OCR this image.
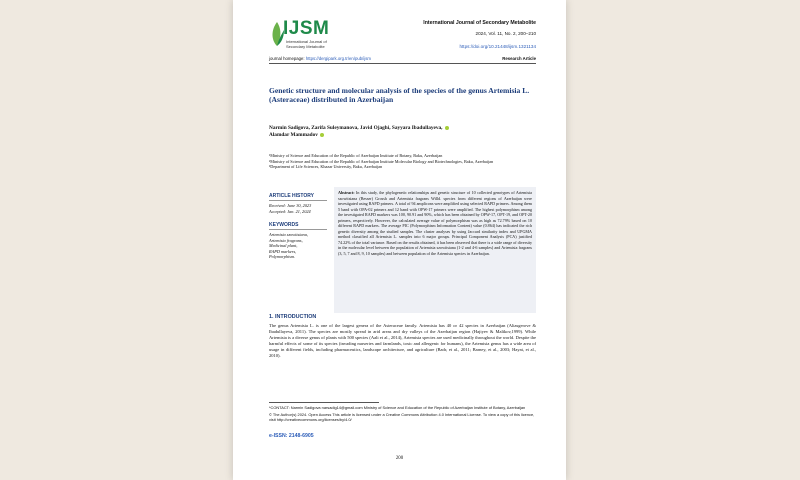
IJSM
International Journal of Secondary Metabolite
International Journal of Secondary Metabolite
2024, Vol. 11, No. 2, 200–210
https://doi.org/10.21448/ijsm.1321134
journal homepage: https://dergipark.org.tr/en/pub/ijsm	Research Article
Genetic structure and molecular analysis of the species of the genus Artemisia L. (Asteraceae) distributed in Azerbaijan
Narmin Sadigova, Zarifa Suleymanova, Javid Ojaghi, Sayyara Ibadullayeva,
Alamdar Mammadov

¹Ministry of Science and Education of the Republic of Azerbaijan Institute of Botany, Baku, Azerbaijan

²Ministry of Science and Education of the Republic of Azerbaijan Institute Molecular Biology and Biotechnologies, Baku, Azerbaijan

³Department of Life Sciences, Khazar University, Baku, Azerbaijan

ARTICLE HISTORY
Received: June 30, 2023
Accepted: Jan. 21, 2024
KEYWORDS
Artemisia szowitsiana,
Artemisia fragrans,
Medicinal plant,
RAPD markers,
Polymorphism.
Abstract: In this study, the phylogenetic relationships and genetic structure of 10 collected genotypes of Artemisia szowitsiana (Besser) Grossh and Artemisia fragrans Willd. species from different regions of Azerbaijan were investigated using RAPD primers. A total of 94 amplicons were amplified using selected RAPD primers. Among them 5 band with OPA-02 primers and 12 band with OPW-17 primers were amplified. The highest polymorphism among the investigated RAPD markers was 100, 90.91 and 90%, which has been obtained by OPW-17, OPT-19, and OPT-20 primers, respectively. However, the calculated average value of polymorphism was as high as 72.79% based on 10 different RAPD markers. The average PIC (Polymorphism Information Content) value (0.864) has indicated the rich genetic diversity among the studied samples. The cluster analyses by using Jaccard similarity index and UPGMA method classified all Artemisia L. samples into 6 major groups. Principal Component Analysis (PCA) justified 74.22% of the total variance. Based on the results obtained, it has been observed that there is a wide range of diversity in the molecular level between the population of Artemisia szowitsiana (1-2 and 4-6 samples) and Artemisia fragrans (3, 5, 7 and 8, 9, 10 samples) and between population of the Artemisia species in Azerbaijan.
1. INTRODUCTION
The genus Artemisia L. is one of the largest genera of the Asteraceae family. Artemisia has 40 or 42 species in Azerbaijan (Aliasgerove & Ibadullayeva, 2011). The species are mostly spread in arid areas and dry valleys of the Azerbaijan region (Hajiyev & Malikov,1999). While Artemisia is a diverse genus of plants with 500 species (Aali et al., 2014), Artemisia species are used medicinally throughout the world. Despite the harmful effects of some of its species (invading nurseries and farmlands, toxic and allergenic for humans), the Artemisia genus has a wide area of usage in different fields, including pharmaceutics, landscape architecture, and agriculture (Badr, et al., 2011; Barney, et al., 2003; Hayat, et al., 2010).

*CONTACT: Narmin Sadigova narsadig14@gmail.com Ministry of Science and Education of the Republic of Azerbaijan Institute of Botany, Azerbaijan

© The Author(s) 2024. Open Access This article is licensed under a Creative Commons Attribution 4.0 International License. To view a copy of this licence, visit http://creativecommons.org/licenses/by/4.0/

e-ISSN: 2148-6905
200
